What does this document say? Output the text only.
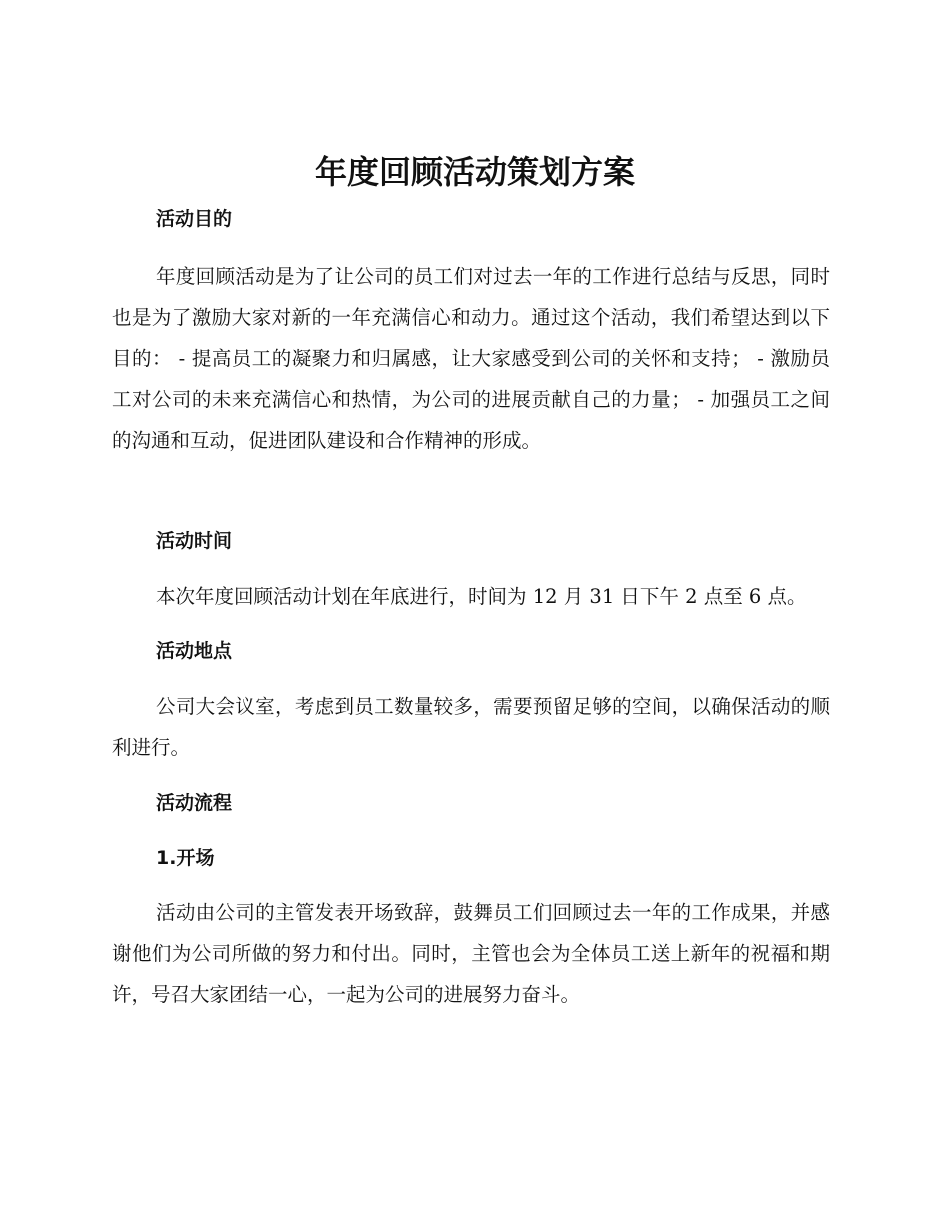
年度回顾活动策划方案
活动目的

年度回顾活动是为了让公司的员工们对过去一年的工作进行总结与反思，同时也是为了激励大家对新的一年充满信心和动力。通过这个活动，我们希望达到以下目的： - 提高员工的凝聚力和归属感，让大家感受到公司的关怀和支持； - 激励员工对公司的未来充满信心和热情，为公司的进展贡献自己的力量； - 加强员工之间的沟通和互动，促进团队建设和合作精神的形成。

活动时间

本次年度回顾活动计划在年底进行，时间为 12 月 31 日下午 2 点至 6 点。

活动地点

公司大会议室，考虑到员工数量较多，需要预留足够的空间，以确保活动的顺利进行。

活动流程
1.开场

活动由公司的主管发表开场致辞，鼓舞员工们回顾过去一年的工作成果，并感谢他们为公司所做的努力和付出。同时，主管也会为全体员工送上新年的祝福和期许，号召大家团结一心，一起为公司的进展努力奋斗。
